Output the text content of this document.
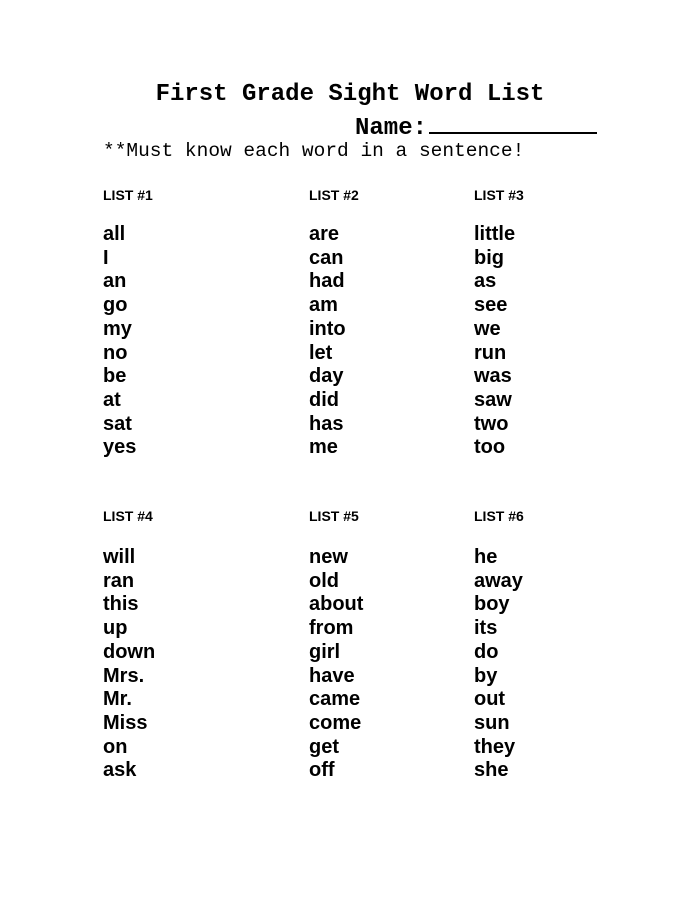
First Grade Sight Word List
Name:

**Must know each word in a sentence!

LIST #1

all
I
an
go
my
no
be
at
sat
yes

LIST #2

are
can
had
am
into
let
day
did
has
me

LIST #3

little
big
as
see
we
run
was
saw
two
too

LIST #4

will
ran
this
up
down
Mrs.
Mr.
Miss
on
ask

LIST #5

new
old
about
from
girl
have
came
come
get
off

LIST #6

he
away
boy
its
do
by
out
sun
they
she
